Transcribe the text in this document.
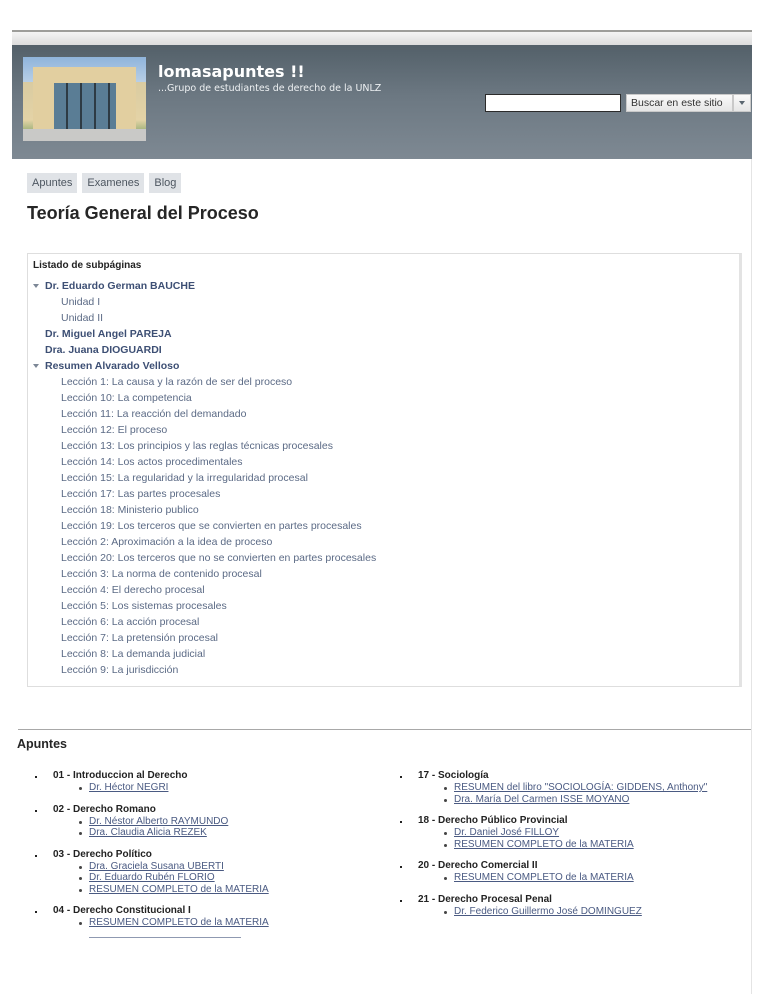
lomasapuntes !!
...Grupo de estudiantes de derecho de la UNLZ
Buscar en este sitio
Apuntes	Examenes	Blog
Teoría General del Proceso
Listado de subpáginas
Dr. Eduardo German BAUCHE
Unidad I
Unidad II
Dr. Miguel Angel PAREJA
Dra. Juana DIOGUARDI
Resumen Alvarado Velloso
Lección 1: La causa y la razón de ser del proceso
Lección 10: La competencia
Lección 11: La reacción del demandado
Lección 12: El proceso
Lección 13: Los principios y las reglas técnicas procesales
Lección 14: Los actos procedimentales
Lección 15: La regularidad y la irregularidad procesal
Lección 17: Las partes procesales
Lección 18: Ministerio publico
Lección 19: Los terceros que se convierten en partes procesales
Lección 2: Aproximación a la idea de proceso
Lección 20: Los terceros que no se convierten en partes procesales
Lección 3: La norma de contenido procesal
Lección 4: El derecho procesal
Lección 5: Los sistemas procesales
Lección 6: La acción procesal
Lección 7: La pretensión procesal
Lección 8: La demanda judicial
Lección 9: La jurisdicción
Apuntes
01 - Introduccion al Derecho
Dr. Héctor NEGRI
02 - Derecho Romano
Dr. Néstor Alberto RAYMUNDO
Dra. Claudia Alicia REZEK
03 - Derecho Político
Dra. Graciela Susana UBERTI
Dr. Eduardo Rubén FLORIO
RESUMEN COMPLETO de la MATERIA
04 - Derecho Constitucional I
RESUMEN COMPLETO de la MATERIA
17 - Sociología
RESUMEN del libro "SOCIOLOGÍA: GIDDENS, Anthony"
Dra. María Del Carmen ISSE MOYANO
18 - Derecho Público Provincial
Dr. Daniel José FILLOY
RESUMEN COMPLETO de la MATERIA
20 - Derecho Comercial II
RESUMEN COMPLETO de la MATERIA
21 - Derecho Procesal Penal
Dr. Federico Guillermo José DOMINGUEZ
